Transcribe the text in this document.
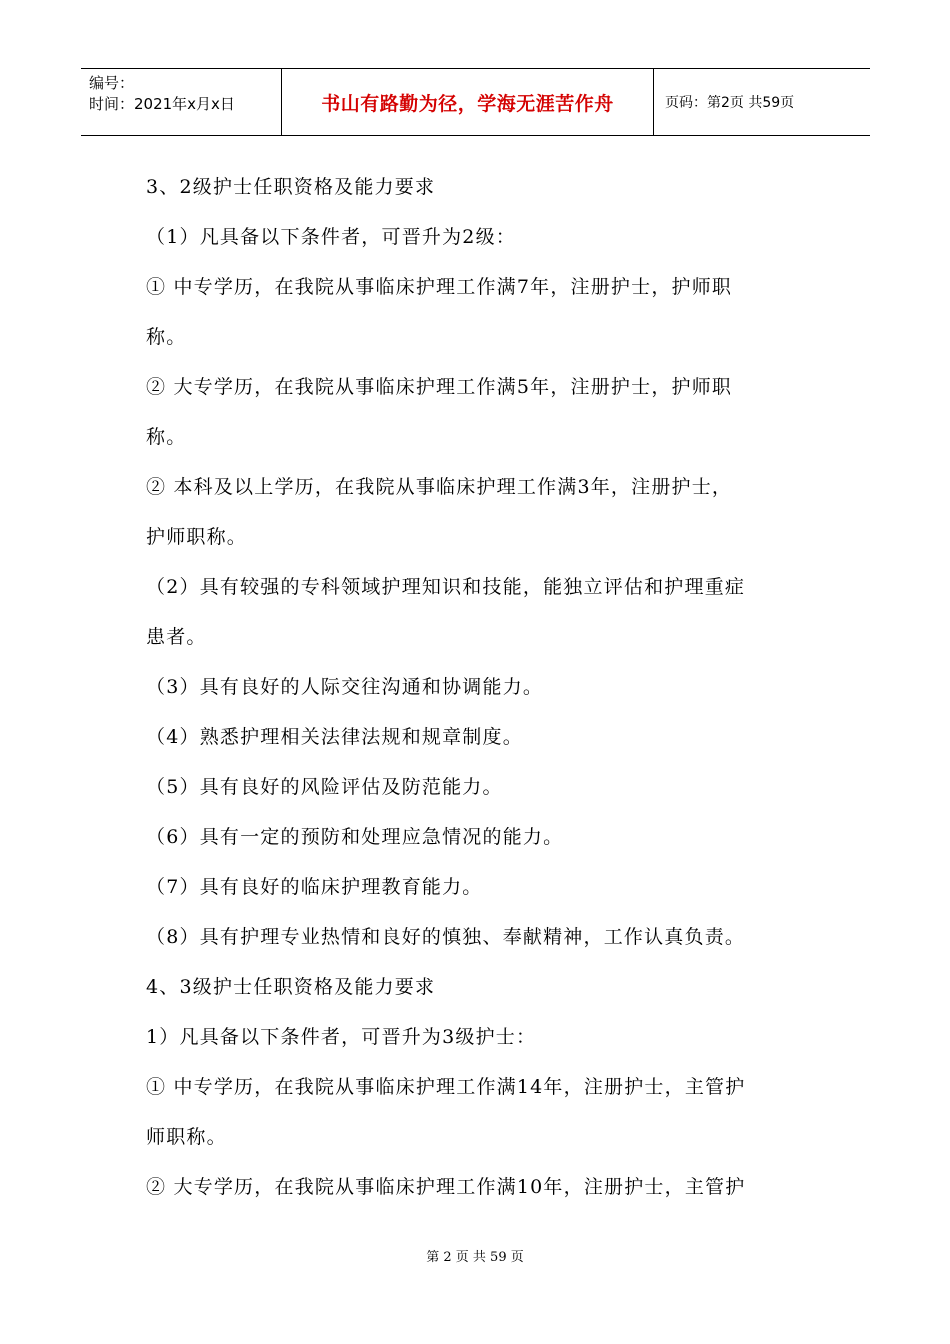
编号：
时间：2021年x月x日	书山有路勤为径，学海无涯苦作舟	页码：第2页 共59页
3、2级护士任职资格及能力要求
（1）凡具备以下条件者，可晋升为2级：
① 中专学历，在我院从事临床护理工作满7年，注册护士，护师职
称。
② 大专学历，在我院从事临床护理工作满5年，注册护士，护师职
称。
② 本科及以上学历，在我院从事临床护理工作满3年，注册护士，
护师职称。
（2）具有较强的专科领域护理知识和技能，能独立评估和护理重症
患者。
（3）具有良好的人际交往沟通和协调能力。
（4）熟悉护理相关法律法规和规章制度。
（5）具有良好的风险评估及防范能力。
（6）具有一定的预防和处理应急情况的能力。
（7）具有良好的临床护理教育能力。
（8）具有护理专业热情和良好的慎独、奉献精神，工作认真负责。
4、3级护士任职资格及能力要求
1）凡具备以下条件者，可晋升为3级护士：
① 中专学历，在我院从事临床护理工作满14年，注册护士，主管护
师职称。
② 大专学历，在我院从事临床护理工作满10年，注册护士，主管护
第 2 页 共 59 页
